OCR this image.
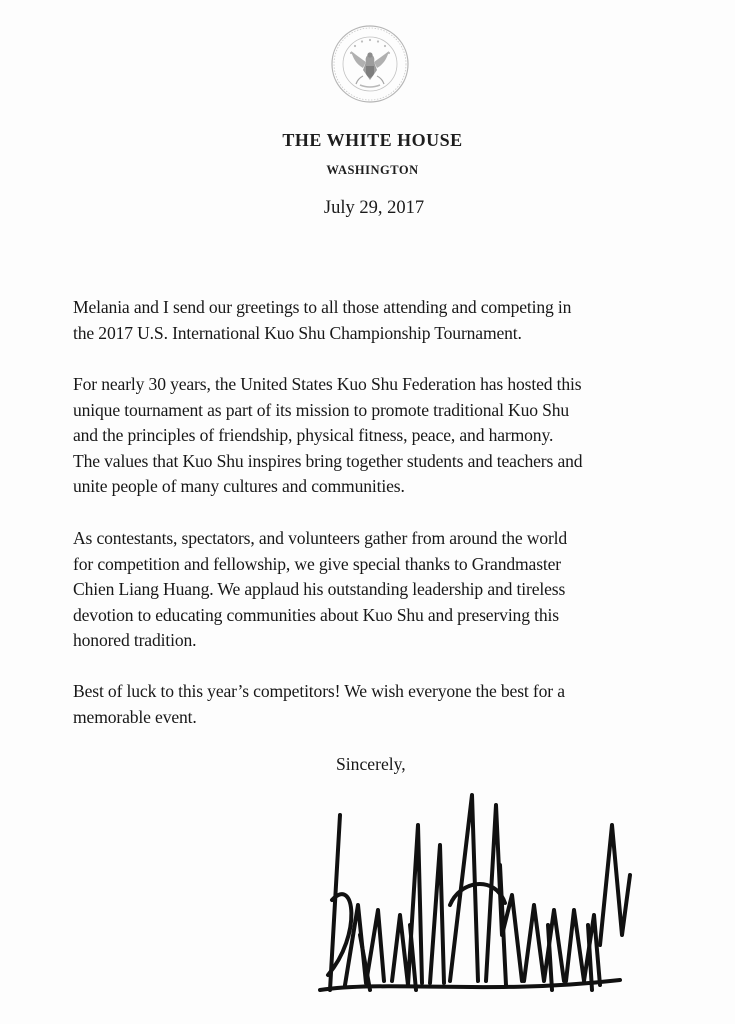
THE WHITE HOUSE
WASHINGTON
July 29, 2017

Melania and I send our greetings to all those attending and competing in
the 2017 U.S. International Kuo Shu Championship Tournament.

For nearly 30 years, the United States Kuo Shu Federation has hosted this
unique tournament as part of its mission to promote traditional Kuo Shu
and the principles of friendship, physical fitness, peace, and harmony.
The values that Kuo Shu inspires bring together students and teachers and
unite people of many cultures and communities.

As contestants, spectators, and volunteers gather from around the world
for competition and fellowship, we give special thanks to Grandmaster
Chien Liang Huang. We applaud his outstanding leadership and tireless
devotion to educating communities about Kuo Shu and preserving this
honored tradition.

Best of luck to this year’s competitors! We wish everyone the best for a
memorable event.

Sincerely,
